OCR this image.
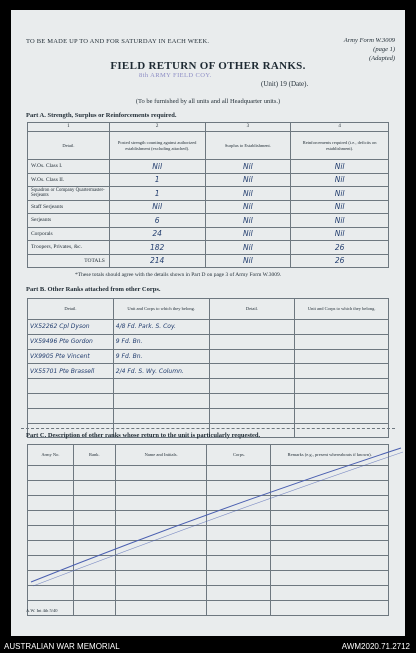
TO BE MADE UP TO AND FOR SATURDAY IN EACH WEEK.	Army Form W.3009
(page 1)
(Adapted)
FIELD RETURN OF OTHER RANKS.
8th ARMY FIELD COY.
(Unit) 19 (Date).
(To be furnished by all units and all Headquarter units.)
Part A. Strength, Surplus or Reinforcements required.
1	2	3	4
Detail.	Posted strength counting against authorized establishment (excluding attached).	Surplus to Establishment.	Reinforcements required (i.e., deficits on establishment).
W.Os. Class I.	Nil	Nil	Nil
W.Os. Class II.	1	Nil	Nil
Squadron or Company Quartermaster-Serjeants	1	Nil	Nil
Staff Serjeants	Nil	Nil	Nil
Serjeants	6	Nil	Nil
Corporals	24	Nil	Nil
Troopers, Privates, &c.	182	Nil	26
TOTALS	214	Nil	26
*These totals should agree with the details shown in Part D on page 3 of Army Form W.3009.
Part B. Other Ranks attached from other Corps.
Detail.	Unit and Corps to which they belong.	Detail.	Unit and Corps to which they belong.
VX52262 Cpl Dyson	4/8 Fd. Park. S. Coy.		
VX59496 Pte Gordon	9 Fd. Bn.		
VX9905 Pte Vincent	9 Fd. Bn.		
VX55701 Pte Brassell	2/4 Fd. S. Wy. Column.		

Part C. Description of other ranks whose return to the unit is particularly requested.
Army No.	Rank.	Name and Initials.	Corps.	Remarks (e.g., present whereabouts if known).

A.W. Int 4th 5/40
AUSTRALIAN WAR MEMORIAL	AWM2020.71.2712
